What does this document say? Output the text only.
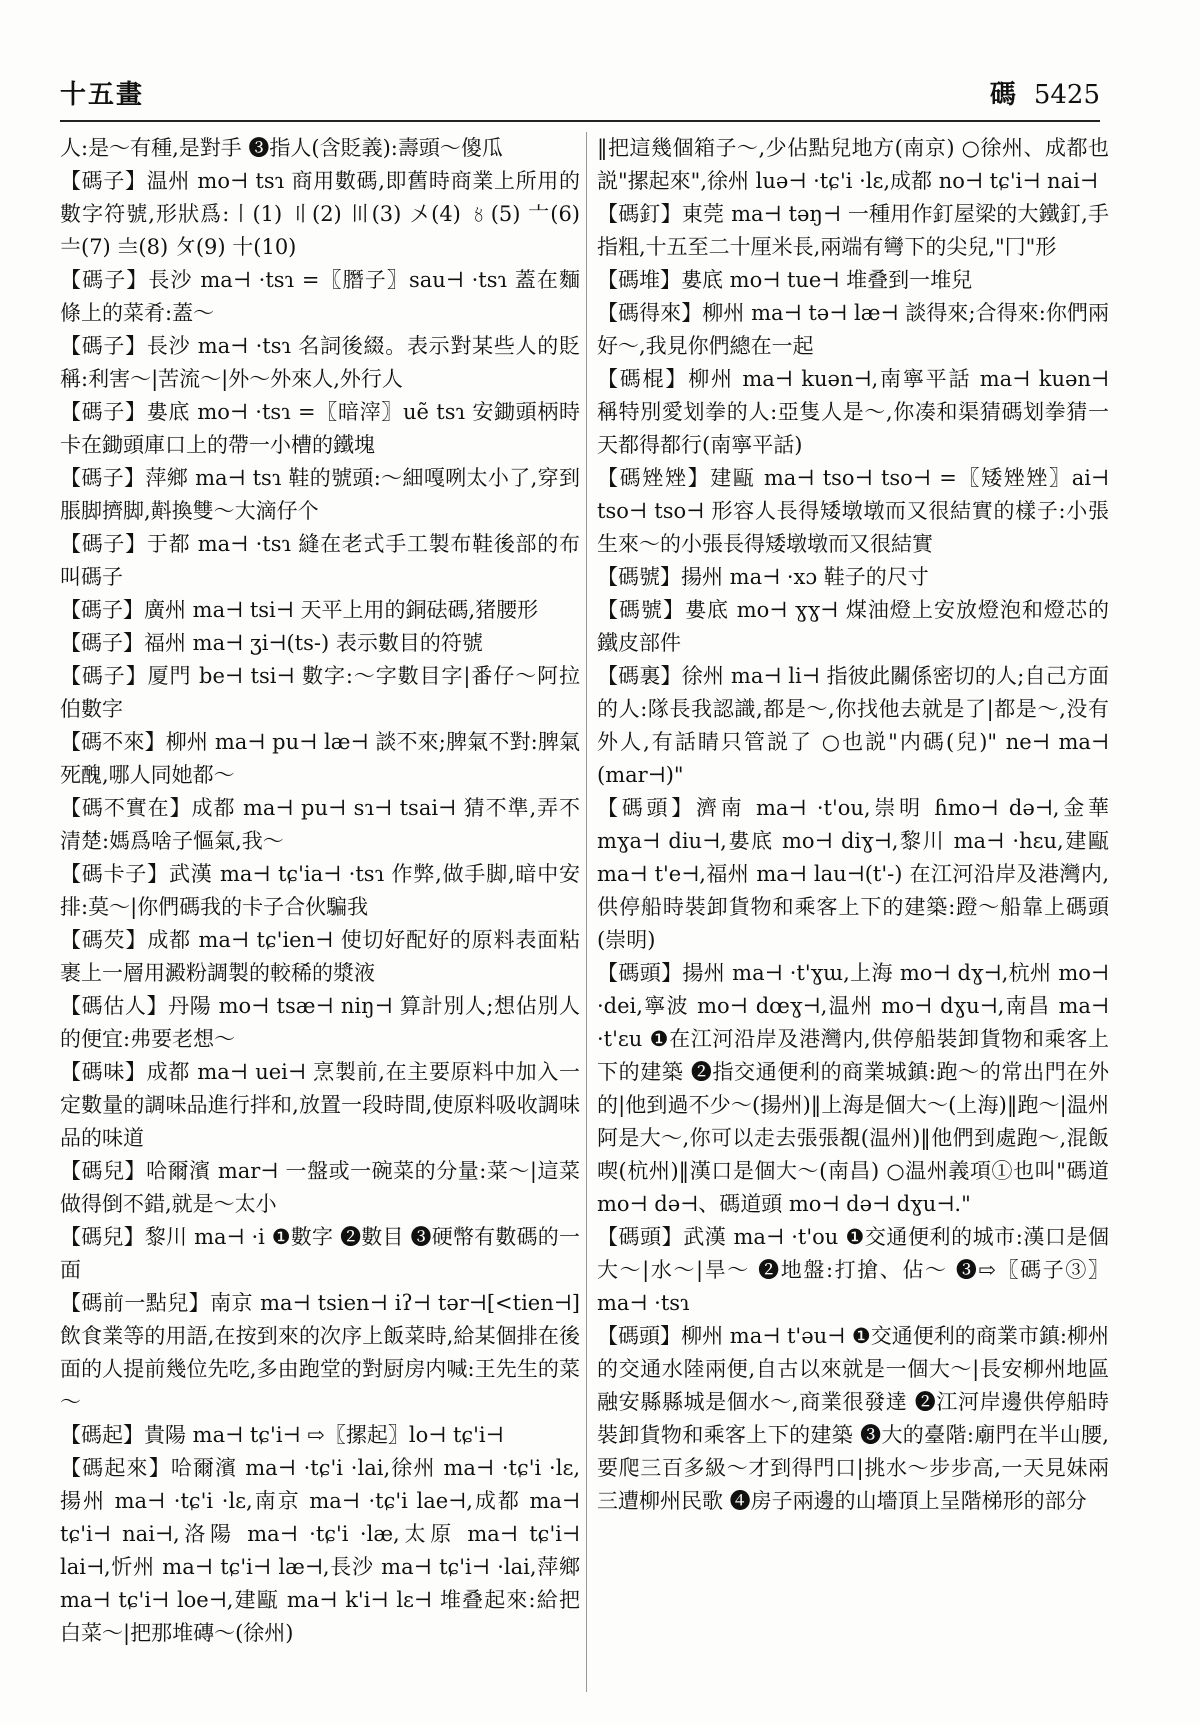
十五畫	碼 5425

人:是～有種,是對手 ❸指人(含貶義):壽頭～傻瓜

【碼子】温州 mo⊣ tsɿ 商用數碼,即舊時商業上所用的數字符號,形狀爲:〡(1) 〢(2) 〣(3) 〤(4) 〥(5) 〦(6) 〧(7) 〨(8) 〩(9) 十(10)

【碼子】長沙 ma⊣ ·tsɿ =〖䐶子〗sau⊣ ·tsɿ 蓋在麵條上的菜肴:蓋～

【碼子】長沙 ma⊣ ·tsɿ 名詞後綴。表示對某些人的貶稱:利害～|苦流～|外～外來人,外行人

【碼子】婁底 mo⊣ ·tsɿ =〖暗滓〗uẽ tsɿ 安鋤頭柄時卡在鋤頭庫口上的帶一小槽的鐵塊

【碼子】萍鄉 ma⊣ tsɿ 鞋的號頭:～細嘎咧太小了,穿到脹脚擠脚,斢換雙～大滴仔个

【碼子】于都 ma⊣ ·tsɿ 縫在老式手工製布鞋後部的布叫碼子

【碼子】廣州 ma⊣ tsi⊣ 天平上用的銅砝碼,猪腰形

【碼子】福州 ma⊣ ʒi⊣(ts-) 表示數目的符號

【碼子】厦門 be⊣ tsi⊣ 數字:～字數目字|番仔～阿拉伯數字

【碼不來】柳州 ma⊣ pu⊣ læ⊣ 談不來;脾氣不對:脾氣死醜,哪人同她都～

【碼不實在】成都 ma⊣ pu⊣ sɿ⊣ tsai⊣ 猜不準,弄不清楚:媽爲啥子慪氣,我～

【碼卡子】武漢 ma⊣ tɕ'ia⊣ ·tsɿ 作弊,做手脚,暗中安排:莫～|你們碼我的卡子合伙騙我

【碼芡】成都 ma⊣ tɕ'ien⊣ 使切好配好的原料表面粘裹上一層用澱粉調製的較稀的漿液

【碼估人】丹陽 mo⊣ tsæ⊣ niŋ⊣ 算計別人;想佔別人的便宜:弗要老想～

【碼味】成都 ma⊣ uei⊣ 烹製前,在主要原料中加入一定數量的調味品進行拌和,放置一段時間,使原料吸收調味品的味道

【碼兒】哈爾濱 mar⊣ 一盤或一碗菜的分量:菜～|這菜做得倒不錯,就是～太小

【碼兒】黎川 ma⊣ ·i ❶數字 ❷數目 ❸硬幣有數碼的一面

【碼前一點兒】南京 ma⊣ tsien⊣ iʔ⊣ tər⊣[<tien⊣] 飲食業等的用語,在按到來的次序上飯菜時,給某個排在後面的人提前幾位先吃,多由跑堂的對厨房内喊:王先生的菜～

【碼起】貴陽 ma⊣ tɕ'i⊣ ⇨〖摞起〗lo⊣ tɕ'i⊣

【碼起來】哈爾濱 ma⊣ ·tɕ'i ·lai,徐州 ma⊣ ·tɕ'i ·lɛ,揚州 ma⊣ ·tɕ'i ·lɛ,南京 ma⊣ ·tɕ'i lae⊣,成都 ma⊣ tɕ'i⊣ nai⊣,洛陽 ma⊣ ·tɕ'i ·læ,太原 ma⊣ tɕ'i⊣ lai⊣,忻州 ma⊣ tɕ'i⊣ læ⊣,長沙 ma⊣ tɕ'i⊣ ·lai,萍鄉 ma⊣ tɕ'i⊣ loe⊣,建甌 ma⊣ k'i⊣ lɛ⊣ 堆叠起來:給把白菜～|把那堆磚～(徐州)

‖把這幾個箱子～,少佔點兒地方(南京) ○徐州、成都也説"摞起來",徐州 luə⊣ ·tɕ'i ·lɛ,成都 no⊣ tɕ'i⊣ nai⊣

【碼釘】東莞 ma⊣ təŋ⊣ 一種用作釘屋梁的大鐵釘,手指粗,十五至二十厘米長,兩端有彎下的尖兒,"冂"形

【碼堆】婁底 mo⊣ tue⊣ 堆叠到一堆兒

【碼得來】柳州 ma⊣ tə⊣ læ⊣ 談得來;合得來:你們兩好～,我見你們總在一起

【碼棍】柳州 ma⊣ kuən⊣,南寧平話 ma⊣ kuən⊣ 稱特別愛划拳的人:亞隻人是～,你凑和渠猜碼划拳猜一天都得都行(南寧平話)

【碼矬矬】建甌 ma⊣ tso⊣ tso⊣ =〖矮矬矬〗ai⊣ tso⊣ tso⊣ 形容人長得矮墩墩而又很結實的樣子:小張生來～的小張長得矮墩墩而又很結實

【碼號】揚州 ma⊣ ·xɔ 鞋子的尺寸

【碼號】婁底 mo⊣ ɣɣ⊣ 煤油燈上安放燈泡和燈芯的鐵皮部件

【碼裏】徐州 ma⊣ li⊣ 指彼此關係密切的人;自己方面的人:隊長我認識,都是～,你找他去就是了|都是～,没有外人,有話睛只管説了 ○也説"内碼(兒)" ne⊣ ma⊣ (mar⊣)"

【碼頭】濟南 ma⊣ ·t'ou,崇明 ɦmo⊣ də⊣,金華 mɣa⊣ diu⊣,婁底 mo⊣ diɣ⊣,黎川 ma⊣ ·hɛu,建甌 ma⊣ t'e⊣,福州 ma⊣ lau⊣(t'-) 在江河沿岸及港灣内,供停船時裝卸貨物和乘客上下的建築:蹬～船靠上碼頭(崇明)

【碼頭】揚州 ma⊣ ·t'ɣɯ,上海 mo⊣ dɣ⊣,杭州 mo⊣ ·dei,寧波 mo⊣ dœɣ⊣,温州 mo⊣ dɣu⊣,南昌 ma⊣ ·t'ɛu ❶在江河沿岸及港灣内,供停船裝卸貨物和乘客上下的建築 ❷指交通便利的商業城鎮:跑～的常出門在外的|他到過不少～(揚州)‖上海是個大～(上海)‖跑～|温州阿是大～,你可以走去張張覩(温州)‖他們到處跑～,混飯喫(杭州)‖漢口是個大～(南昌) ○温州義項①也叫"碼道 mo⊣ də⊣、碼道頭 mo⊣ də⊣ dɣu⊣."

【碼頭】武漢 ma⊣ ·t'ou ❶交通便利的城市:漢口是個大～|水～|旱～ ❷地盤:打搶、佔～ ❸⇨〖碼子③〗ma⊣ ·tsɿ

【碼頭】柳州 ma⊣ t'əu⊣ ❶交通便利的商業市鎮:柳州的交通水陸兩便,自古以來就是一個大～|長安柳州地區融安縣縣城是個水～,商業很發達 ❷江河岸邊供停船時裝卸貨物和乘客上下的建築 ❸大的臺階:廟門在半山腰,要爬三百多級～才到得門口|挑水～步步高,一天見妹兩三遭柳州民歌 ❹房子兩邊的山墻頂上呈階梯形的部分
